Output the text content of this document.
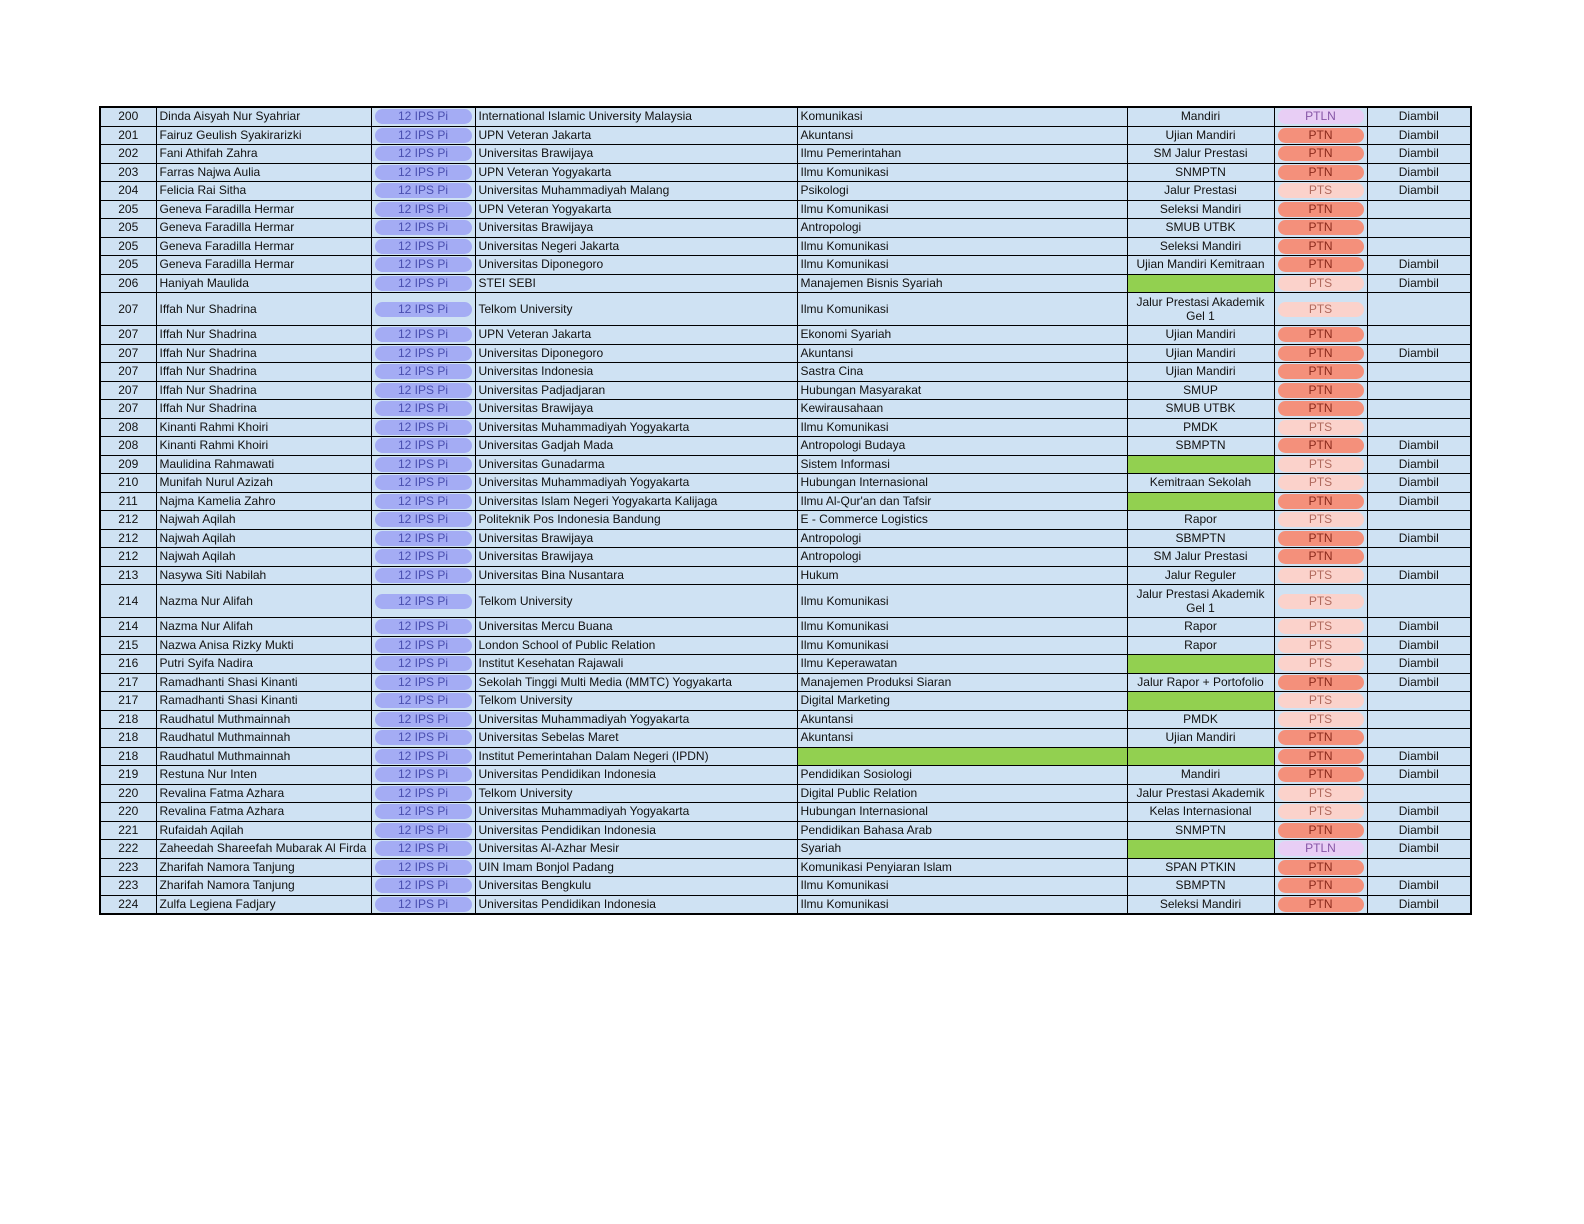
200	Dinda Aisyah Nur Syahriar	12 IPS Pi	International Islamic University Malaysia	Komunikasi	Mandiri	PTLN	Diambil
201	Fairuz Geulish Syakirarizki	12 IPS Pi	UPN Veteran Jakarta	Akuntansi	Ujian Mandiri	PTN	Diambil
202	Fani Athifah Zahra	12 IPS Pi	Universitas Brawijaya	Ilmu Pemerintahan	SM Jalur Prestasi	PTN	Diambil
203	Farras Najwa Aulia	12 IPS Pi	UPN Veteran Yogyakarta	Ilmu Komunikasi	SNMPTN	PTN	Diambil
204	Felicia Rai Sitha	12 IPS Pi	Universitas Muhammadiyah Malang	Psikologi	Jalur Prestasi	PTS	Diambil
205	Geneva Faradilla Hermar	12 IPS Pi	UPN Veteran Yogyakarta	Ilmu Komunikasi	Seleksi Mandiri	PTN	

205	Geneva Faradilla Hermar	12 IPS Pi	Universitas Brawijaya	Antropologi	SMUB UTBK	PTN	

205	Geneva Faradilla Hermar	12 IPS Pi	Universitas Negeri Jakarta	Ilmu Komunikasi	Seleksi Mandiri	PTN	

205	Geneva Faradilla Hermar	12 IPS Pi	Universitas Diponegoro	Ilmu Komunikasi	Ujian Mandiri Kemitraan	PTN	Diambil
206	Haniyah Maulida	12 IPS Pi	STEI SEBI	Manajemen Bisnis Syariah		PTS	Diambil
207	Iffah Nur Shadrina	12 IPS Pi	Telkom University	Ilmu Komunikasi	Jalur Prestasi Akademik Gel 1	PTS	

207	Iffah Nur Shadrina	12 IPS Pi	UPN Veteran Jakarta	Ekonomi Syariah	Ujian Mandiri	PTN	

207	Iffah Nur Shadrina	12 IPS Pi	Universitas Diponegoro	Akuntansi	Ujian Mandiri	PTN	Diambil
207	Iffah Nur Shadrina	12 IPS Pi	Universitas Indonesia	Sastra Cina	Ujian Mandiri	PTN	

207	Iffah Nur Shadrina	12 IPS Pi	Universitas Padjadjaran	Hubungan Masyarakat	SMUP	PTN	

207	Iffah Nur Shadrina	12 IPS Pi	Universitas Brawijaya	Kewirausahaan	SMUB UTBK	PTN	

208	Kinanti Rahmi Khoiri	12 IPS Pi	Universitas Muhammadiyah Yogyakarta	Ilmu Komunikasi	PMDK	PTS	

208	Kinanti Rahmi Khoiri	12 IPS Pi	Universitas Gadjah Mada	Antropologi Budaya	SBMPTN	PTN	Diambil
209	Maulidina Rahmawati	12 IPS Pi	Universitas Gunadarma	Sistem Informasi		PTS	Diambil
210	Munifah Nurul Azizah	12 IPS Pi	Universitas Muhammadiyah Yogyakarta	Hubungan Internasional	Kemitraan Sekolah	PTS	Diambil
211	Najma Kamelia Zahro	12 IPS Pi	Universitas Islam Negeri Yogyakarta Kalijaga	Ilmu Al-Qur'an dan Tafsir		PTN	Diambil
212	Najwah Aqilah	12 IPS Pi	Politeknik Pos Indonesia Bandung	E - Commerce Logistics	Rapor	PTS	

212	Najwah Aqilah	12 IPS Pi	Universitas Brawijaya	Antropologi	SBMPTN	PTN	Diambil
212	Najwah Aqilah	12 IPS Pi	Universitas Brawijaya	Antropologi	SM Jalur Prestasi	PTN	

213	Nasywa Siti Nabilah	12 IPS Pi	Universitas Bina Nusantara	Hukum	Jalur Reguler	PTS	Diambil
214	Nazma Nur Alifah	12 IPS Pi	Telkom University	Ilmu Komunikasi	Jalur Prestasi Akademik Gel 1	PTS	

214	Nazma Nur Alifah	12 IPS Pi	Universitas Mercu Buana	Ilmu Komunikasi	Rapor	PTS	Diambil
215	Nazwa Anisa Rizky Mukti	12 IPS Pi	London School of Public Relation	Ilmu Komunikasi	Rapor	PTS	Diambil
216	Putri Syifa Nadira	12 IPS Pi	Institut Kesehatan Rajawali	Ilmu Keperawatan		PTS	Diambil
217	Ramadhanti Shasi Kinanti	12 IPS Pi	Sekolah Tinggi Multi Media (MMTC) Yogyakarta	Manajemen Produksi Siaran	Jalur Rapor + Portofolio	PTN	Diambil
217	Ramadhanti Shasi Kinanti	12 IPS Pi	Telkom University	Digital Marketing		PTS	

218	Raudhatul Muthmainnah	12 IPS Pi	Universitas Muhammadiyah Yogyakarta	Akuntansi	PMDK	PTS	

218	Raudhatul Muthmainnah	12 IPS Pi	Universitas Sebelas Maret	Akuntansi	Ujian Mandiri	PTN	

218	Raudhatul Muthmainnah	12 IPS Pi	Institut Pemerintahan Dalam Negeri (IPDN)			PTN	Diambil
219	Restuna Nur Inten	12 IPS Pi	Universitas Pendidikan Indonesia	Pendidikan Sosiologi	Mandiri	PTN	Diambil
220	Revalina Fatma Azhara	12 IPS Pi	Telkom University	Digital Public Relation	Jalur Prestasi Akademik	PTS	

220	Revalina Fatma Azhara	12 IPS Pi	Universitas Muhammadiyah Yogyakarta	Hubungan Internasional	Kelas Internasional	PTS	Diambil
221	Rufaidah Aqilah	12 IPS Pi	Universitas Pendidikan Indonesia	Pendidikan Bahasa Arab	SNMPTN	PTN	Diambil
222	Zaheedah Shareefah Mubarak Al Firda	12 IPS Pi	Universitas Al-Azhar Mesir	Syariah		PTLN	Diambil
223	Zharifah Namora Tanjung	12 IPS Pi	UIN Imam Bonjol Padang	Komunikasi Penyiaran Islam	SPAN PTKIN	PTN	

223	Zharifah Namora Tanjung	12 IPS Pi	Universitas Bengkulu	Ilmu Komunikasi	SBMPTN	PTN	Diambil
224	Zulfa Legiena Fadjary	12 IPS Pi	Universitas Pendidikan Indonesia	Ilmu Komunikasi	Seleksi Mandiri	PTN	Diambil
